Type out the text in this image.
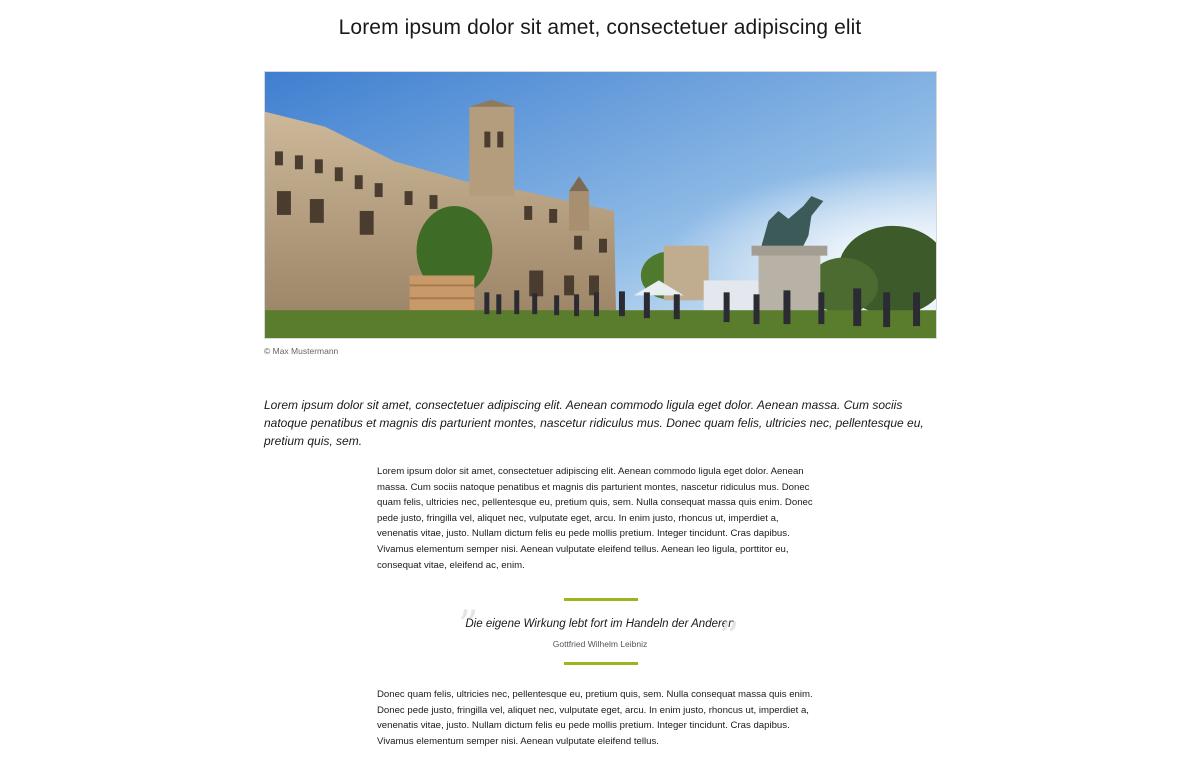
Lorem ipsum dolor sit amet, consectetuer adipiscing elit
© Max Mustermann

Lorem ipsum dolor sit amet, consectetuer adipiscing elit. Aenean commodo ligula eget dolor. Aenean massa. Cum sociis natoque penatibus et magnis dis parturient montes, nascetur ridiculus mus. Donec quam felis, ultricies nec, pellentesque eu, pretium quis, sem.

Lorem ipsum dolor sit amet, consectetuer adipiscing elit. Aenean commodo ligula eget dolor. Aenean massa. Cum sociis natoque penatibus et magnis dis parturient montes, nascetur ridiculus mus. Donec quam felis, ultricies nec, pellentesque eu, pretium quis, sem. Nulla consequat massa quis enim. Donec pede justo, fringilla vel, aliquet nec, vulputate eget, arcu. In enim justo, rhoncus ut, imperdiet a, venenatis vitae, justo. Nullam dictum felis eu pede mollis pretium. Integer tincidunt. Cras dapibus. Vivamus elementum semper nisi. Aenean vulputate eleifend tellus. Aenean leo ligula, porttitor eu, consequat vitae, eleifend ac, enim.

”
Die eigene Wirkung lebt fort im Handeln der Anderen
”
Gottfried Wilhelm Leibniz

Donec quam felis, ultricies nec, pellentesque eu, pretium quis, sem. Nulla consequat massa quis enim. Donec pede justo, fringilla vel, aliquet nec, vulputate eget, arcu. In enim justo, rhoncus ut, imperdiet a, venenatis vitae, justo. Nullam dictum felis eu pede mollis pretium. Integer tincidunt. Cras dapibus. Vivamus elementum semper nisi. Aenean vulputate eleifend tellus.
